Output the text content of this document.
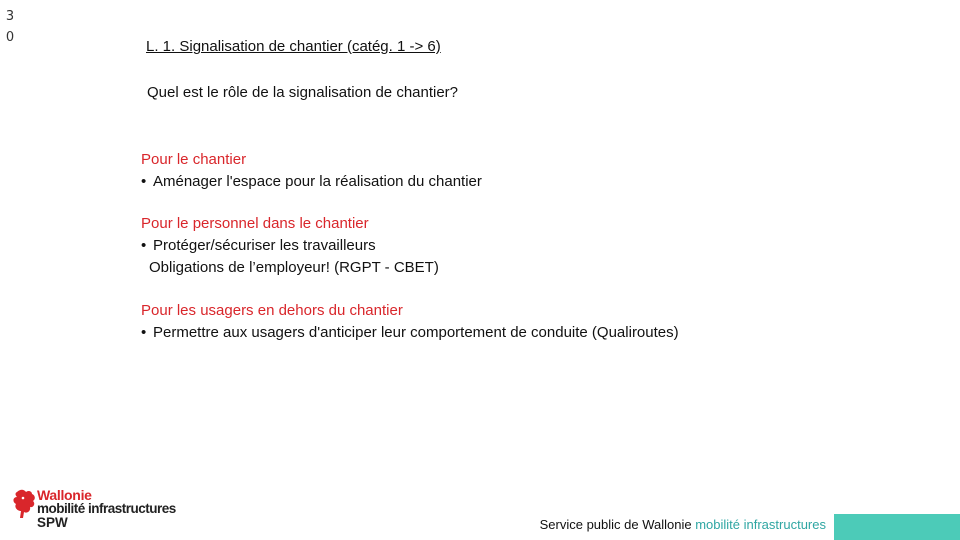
3
0
L. 1. Signalisation de chantier (catég. 1 -> 6)
Quel est le rôle de la signalisation de chantier?
Pour le chantier
• Aménager l'espace pour la réalisation du chantier
Pour le personnel dans le chantier
• Protéger/sécuriser les travailleurs
Obligations de l’employeur! (RGPT - CBET)
Pour les usagers en dehors du chantier
• Permettre aux usagers d'anticiper leur comportement de conduite (Qualiroutes)
Wallonie
mobilité infrastructures
SPW	Service public de Wallonie mobilité infrastructures
